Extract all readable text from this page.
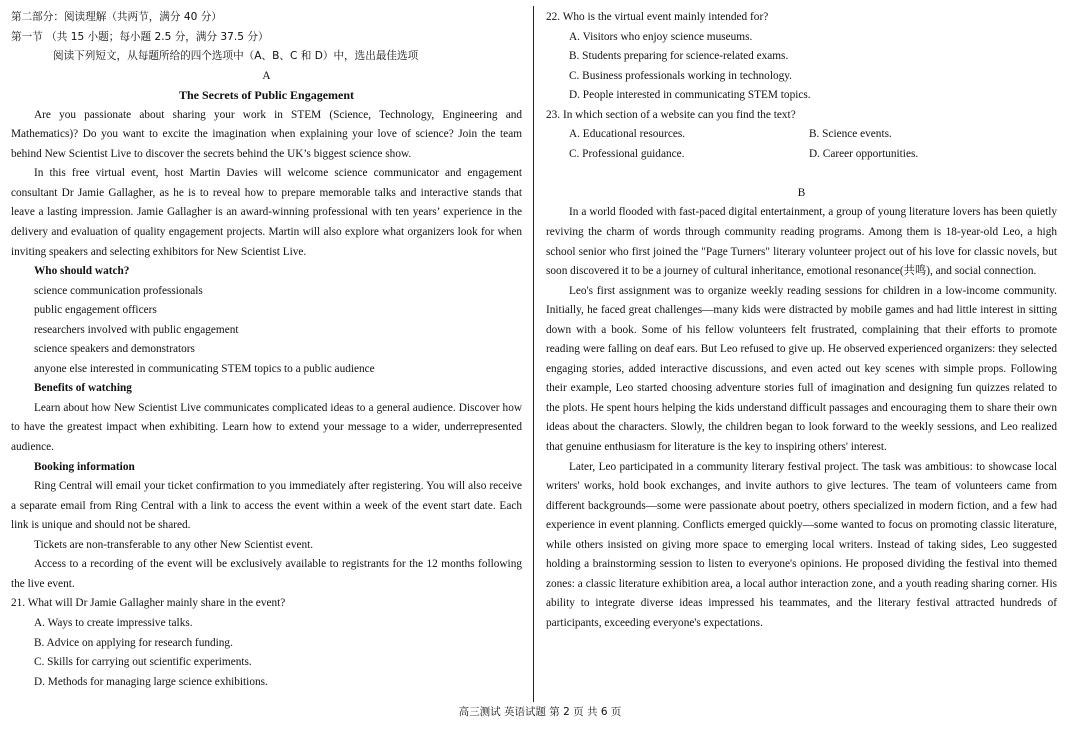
第二部分：阅读理解（共两节，满分 40 分）
第一节 （共 15 小题；每小题 2.5 分，满分 37.5 分）
阅读下列短文，从每题所给的四个选项中（A、B、C 和 D）中，选出最佳选项
A
The Secrets of Public Engagement

Are you passionate about sharing your work in STEM (Science, Technology, Engineering and Mathematics)? Do you want to excite the imagination when explaining your love of science? Join the team behind New Scientist Live to discover the secrets behind the UK’s biggest science show.

In this free virtual event, host Martin Davies will welcome science communicator and engagement consultant Dr Jamie Gallagher, as he is to reveal how to prepare memorable talks and interactive stands that leave a lasting impression. Jamie Gallagher is an award-winning professional with ten years’ experience in the delivery and evaluation of quality engagement projects. Martin will also explore what organizers look for when inviting speakers and selecting exhibitors for New Scientist Live.

Who should watch?
science communication professionals
public engagement officers
researchers involved with public engagement
science speakers and demonstrators
anyone else interested in communicating STEM topics to a public audience
Benefits of watching

Learn about how New Scientist Live communicates complicated ideas to a general audience. Discover how to have the greatest impact when exhibiting. Learn how to extend your message to a wider, underrepresented audience.

Booking information

Ring Central will email your ticket confirmation to you immediately after registering. You will also receive a separate email from Ring Central with a link to access the event within a week of the event start date. Each link is unique and should not be shared.

Tickets are non-transferable to any other New Scientist event.

Access to a recording of the event will be exclusively available to registrants for the 12 months following the live event.

21. What will Dr Jamie Gallagher mainly share in the event?
A. Ways to create impressive talks.
B. Advice on applying for research funding.
C. Skills for carrying out scientific experiments.
D. Methods for managing large science exhibitions.
22. Who is the virtual event mainly intended for?
A. Visitors who enjoy science museums.
B. Students preparing for science-related exams.
C. Business professionals working in technology.
D. People interested in communicating STEM topics.
23. In which section of a website can you find the text?
A. Educational resources.	B. Science events.
C. Professional guidance.	D. Career opportunities.
B

In a world flooded with fast-paced digital entertainment, a group of young literature lovers has been quietly reviving the charm of words through community reading programs. Among them is 18-year-old Leo, a high school senior who first joined the "Page Turners" literary volunteer project out of his love for classic novels, but soon discovered it to be a journey of cultural inheritance, emotional resonance(共鸣), and social connection.

Leo's first assignment was to organize weekly reading sessions for children in a low-income community. Initially, he faced great challenges—many kids were distracted by mobile games and had little interest in sitting down with a book. Some of his fellow volunteers felt frustrated, complaining that their efforts to promote reading were falling on deaf ears. But Leo refused to give up. He observed experienced organizers: they selected engaging stories, added interactive discussions, and even acted out key scenes with simple props. Following their example, Leo started choosing adventure stories full of imagination and designing fun quizzes related to the plots. He spent hours helping the kids understand difficult passages and encouraging them to share their own ideas about the characters. Slowly, the children began to look forward to the weekly sessions, and Leo realized that genuine enthusiasm for literature is the key to inspiring others' interest.

Later, Leo participated in a community literary festival project. The task was ambitious: to showcase local writers' works, hold book exchanges, and invite authors to give lectures. The team of volunteers came from different backgrounds—some were passionate about poetry, others specialized in modern fiction, and a few had experience in event planning. Conflicts emerged quickly—some wanted to focus on promoting classic literature, while others insisted on giving more space to emerging local writers. Instead of taking sides, Leo suggested holding a brainstorming session to listen to everyone's opinions. He proposed dividing the festival into themed zones: a classic literature exhibition area, a local author interaction zone, and a youth reading sharing corner. His ability to integrate diverse ideas impressed his teammates, and the literary festival attracted hundreds of participants, exceeding everyone's expectations.

高三测试 英语试题 第 2 页 共 6 页
